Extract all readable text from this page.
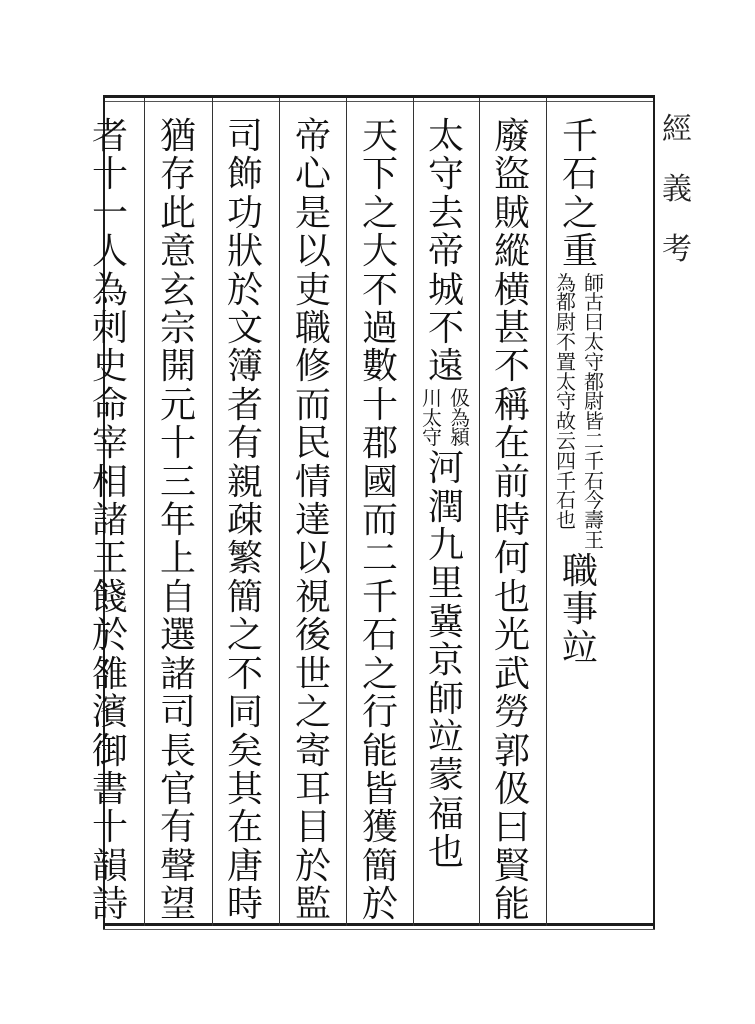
經義考
千
石
之
重
為
都
尉
不
置
太
守
故
云
四
千
石
也
師
古
曰
太
守
都
尉
皆
二
千
石
今
壽
王
職
事
竝
廢
盜
賊
縱
横
甚
不
稱
在
前
時
何
也
光
武
勞
郭
伋
曰
賢
能
太
守
去
帝
城
不
遠
川
太
守
伋
為
潁
河
潤
九
里
冀
京
師
竝
蒙
福
也
天
下
之
大
不
過
數
十
郡
國
而
二
千
石
之
行
能
皆
獲
簡
於
帝
心
是
以
吏
職
修
而
民
情
達
以
視
後
世
之
寄
耳
目
於
監
司
飾
功
狀
於
文
簿
者
有
親
疎
繁
簡
之
不
同
矣
其
在
唐
時
猶
存
此
意
玄
宗
開
元
十
三
年
上
自
選
諸
司
長
官
有
聲
望
者
十
一
人
為
刺
史
命
宰
相
諸
王
餞
於
雒
濱
御
書
十
韻
詩
